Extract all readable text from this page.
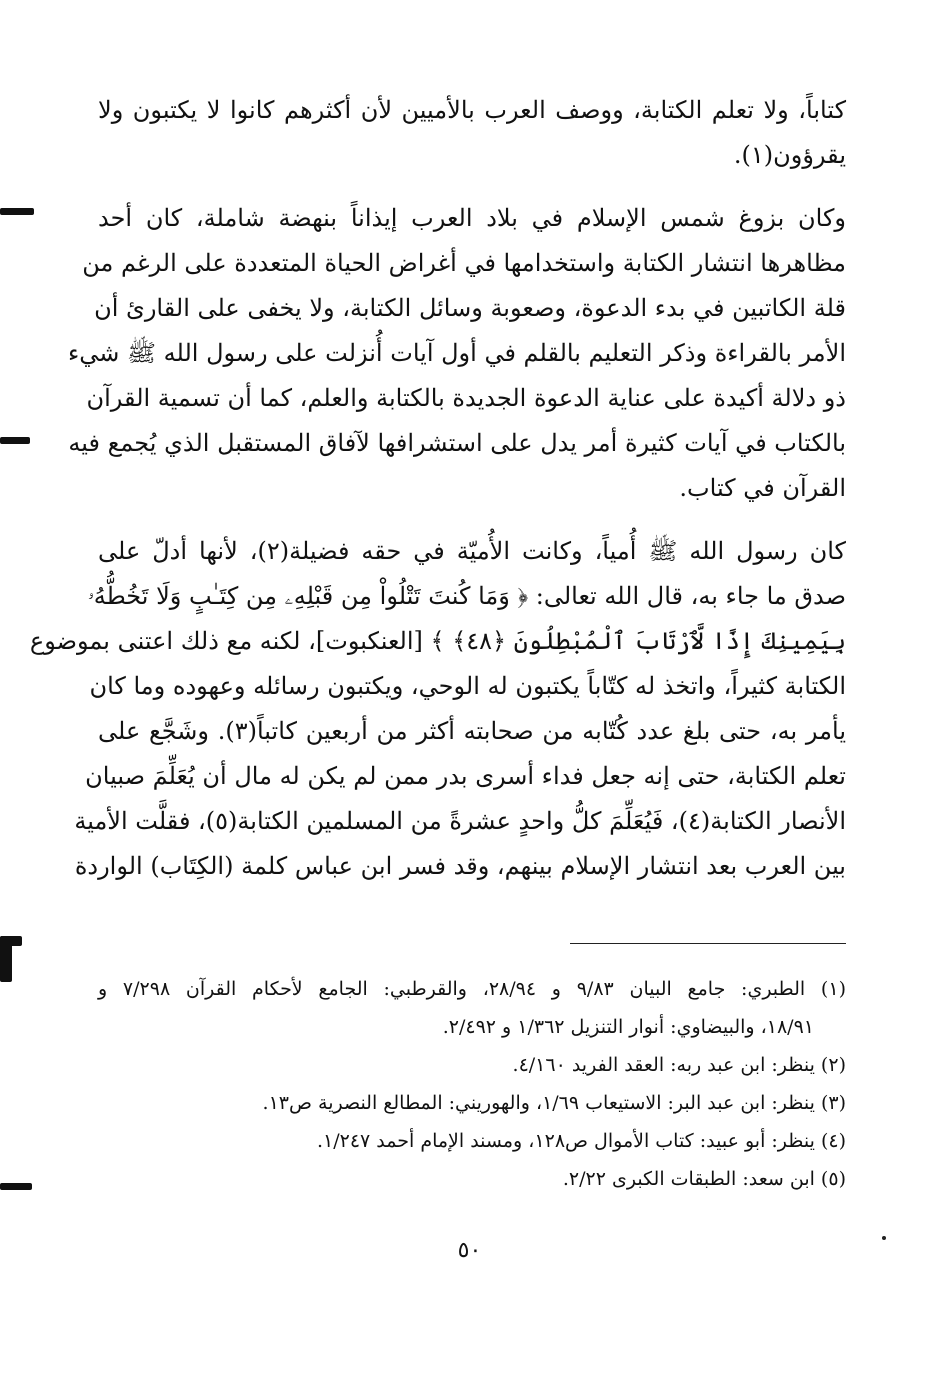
كتاباً، ولا تعلم الكتابة، ووصف العرب بالأميين لأن أكثرهم كانوا لا يكتبون ولا
يقرؤون(١).
وكان بزوغ شمس الإسلام في بلاد العرب إيذاناً بنهضة شاملة، كان أحد
مظاهرها انتشار الكتابة واستخدامها في أغراض الحياة المتعددة على الرغم من
قلة الكاتبين في بدء الدعوة، وصعوبة وسائل الكتابة، ولا يخفى على القارئ أن
الأمر بالقراءة وذكر التعليم بالقلم في أول آيات أُنزلت على رسول الله ﷺ شيء
ذو دلالة أكيدة على عناية الدعوة الجديدة بالكتابة والعلم، كما أن تسمية القرآن
بالكتاب في آيات كثيرة أمر يدل على استشرافها لآفاق المستقبل الذي يُجمع فيه
القرآن في كتاب.
كان رسول الله ﷺ أُمياً، وكانت الأُميّة في حقه فضيلة(٢)، لأنها أدلّ على
صدق ما جاء به، قال الله تعالى: ﴿ وَمَا كُنتَ تَتْلُواْ مِن قَبْلِهِۦ مِن كِتَـٰبٍ وَلَا تَخُطُّهُۥ
بِيَمِينِكَ إِذًا لَّٱرْتَابَ ٱلْمُبْطِلُونَ ﴿٤٨﴾ ﴾ [العنكبوت]، لكنه مع ذلك اعتنى بموضوع
الكتابة كثيراً، واتخذ له كتّاباً يكتبون له الوحي، ويكتبون رسائله وعهوده وما كان
يأمر به، حتى بلغ عدد كُتّابه من صحابته أكثر من أربعين كاتباً(٣). وشَجَّع على
تعلم الكتابة، حتى إنه جعل فداء أسرى بدر ممن لم يكن له مال أن يُعَلِّمَ صبيان
الأنصار الكتابة(٤)، فَيُعَلِّمَ كلُّ واحدٍ عشرةً من المسلمين الكتابة(٥)، فقلَّت الأمية
بين العرب بعد انتشار الإسلام بينهم، وقد فسر ابن عباس كلمة (الكِتَاب) الواردة
(١) الطبري: جامع البيان ٩/٨٣ و ٢٨/٩٤، والقرطبي: الجامع لأحكام القرآن ٧/٢٩٨ و
١٨/٩١، والبيضاوي: أنوار التنزيل ١/٣٦٢ و ٢/٤٩٢.
(٢) ينظر: ابن عبد ربه: العقد الفريد ٤/١٦٠.
(٣) ينظر: ابن عبد البر: الاستيعاب ١/٦٩، والهوريني: المطالع النصرية ص١٣.
(٤) ينظر: أبو عبيد: كتاب الأموال ص١٢٨، ومسند الإمام أحمد ١/٢٤٧.
(٥) ابن سعد: الطبقات الكبرى ٢/٢٢.
٥٠
